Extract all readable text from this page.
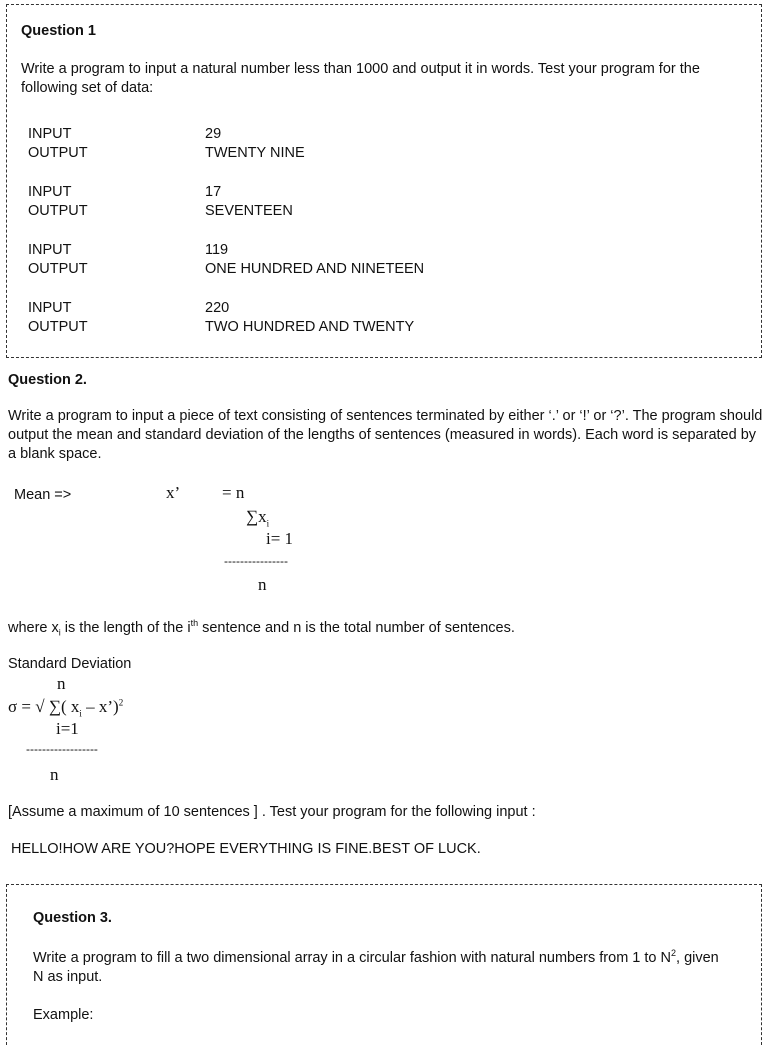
Question 1

Write a program to input a natural number less than 1000 and output it in words. Test your program for the following set of data:

INPUT	29
OUTPUT	TWENTY NINE
INPUT	17
OUTPUT	SEVENTEEN
INPUT	119
OUTPUT	ONE HUNDRED AND NINETEEN
INPUT	220
OUTPUT	TWO HUNDRED AND TWENTY

Question 2.

Write a program to input a piece of text consisting of sentences terminated by either ‘.’ or ‘!’ or ‘?’. The program should output the mean and standard deviation of the lengths of sentences (measured in words). Each word is separated by a blank space.

Mean =>	x’ = n
$\sum x_i$
i= 1
----------------
n

where $x_i$ is the length of the $i^{th}$ sentence and n is the total number of sentences.

Standard Deviation
n
σ = √ ∑( $x_i$ – x’)$^2$
i=1
------------------
n

[Assume a maximum of 10 sentences ] . Test your program for the following input :

HELLO!HOW ARE YOU?HOPE EVERYTHING IS FINE.BEST OF LUCK.

Question 3.

Write a program to fill a two dimensional array in a circular fashion with natural numbers from 1 to $N^2$, given N as input.

Example:
